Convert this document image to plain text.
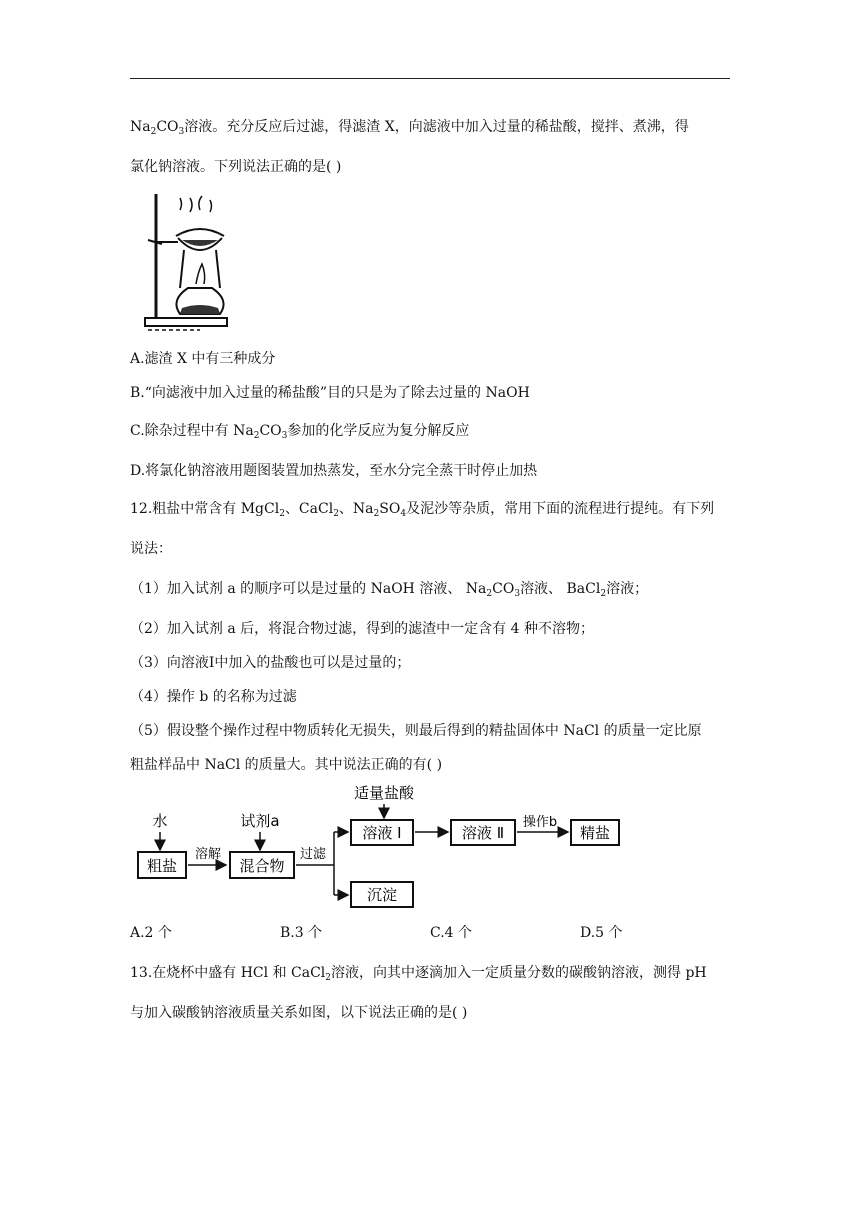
$Na_2CO_3$溶液。充分反应后过滤，得滤渣 X，向滤液中加入过量的稀盐酸，搅拌、煮沸，得
氯化钠溶液。下列说法正确的是( )
A.滤渣 X 中有三种成分
B.“向滤液中加入过量的稀盐酸”目的只是为了除去过量的 NaOH
C.除杂过程中有 $Na_2CO_3$参加的化学反应为复分解反应
D.将氯化钠溶液用题图装置加热蒸发，至水分完全蒸干时停止加热
12.粗盐中常含有 MgCl$_2$、CaCl$_2$、$Na_2SO_4$及泥沙等杂质，常用下面的流程进行提纯。有下列
说法：
（1）加入试剂 a 的顺序可以是过量的 NaOH 溶液、 $Na_2CO_3$溶液、 BaCl$_2$溶液；
（2）加入试剂 a 后，将混合物过滤，得到的滤渣中一定含有 4 种不溶物；
（3）向溶液Ⅰ中加入的盐酸也可以是过量的；
（4）操作 b 的名称为过滤
（5）假设整个操作过程中物质转化无损失，则最后得到的精盐固体中 NaCl 的质量一定比原
粗盐样品中 NaCl 的质量大。其中说法正确的有( )
水
粗盐
溶解
试剂a
混合物
过滤
适量盐酸
溶液 Ⅰ	溶液 Ⅱ
操作b
精盐
沉淀
A.2 个	B.3 个	C.4 个	D.5 个
13.在烧杯中盛有 HCl 和 CaCl$_2$溶液，向其中逐滴加入一定质量分数的碳酸钠溶液，测得 pH
与加入碳酸钠溶液质量关系如图，以下说法正确的是( )
